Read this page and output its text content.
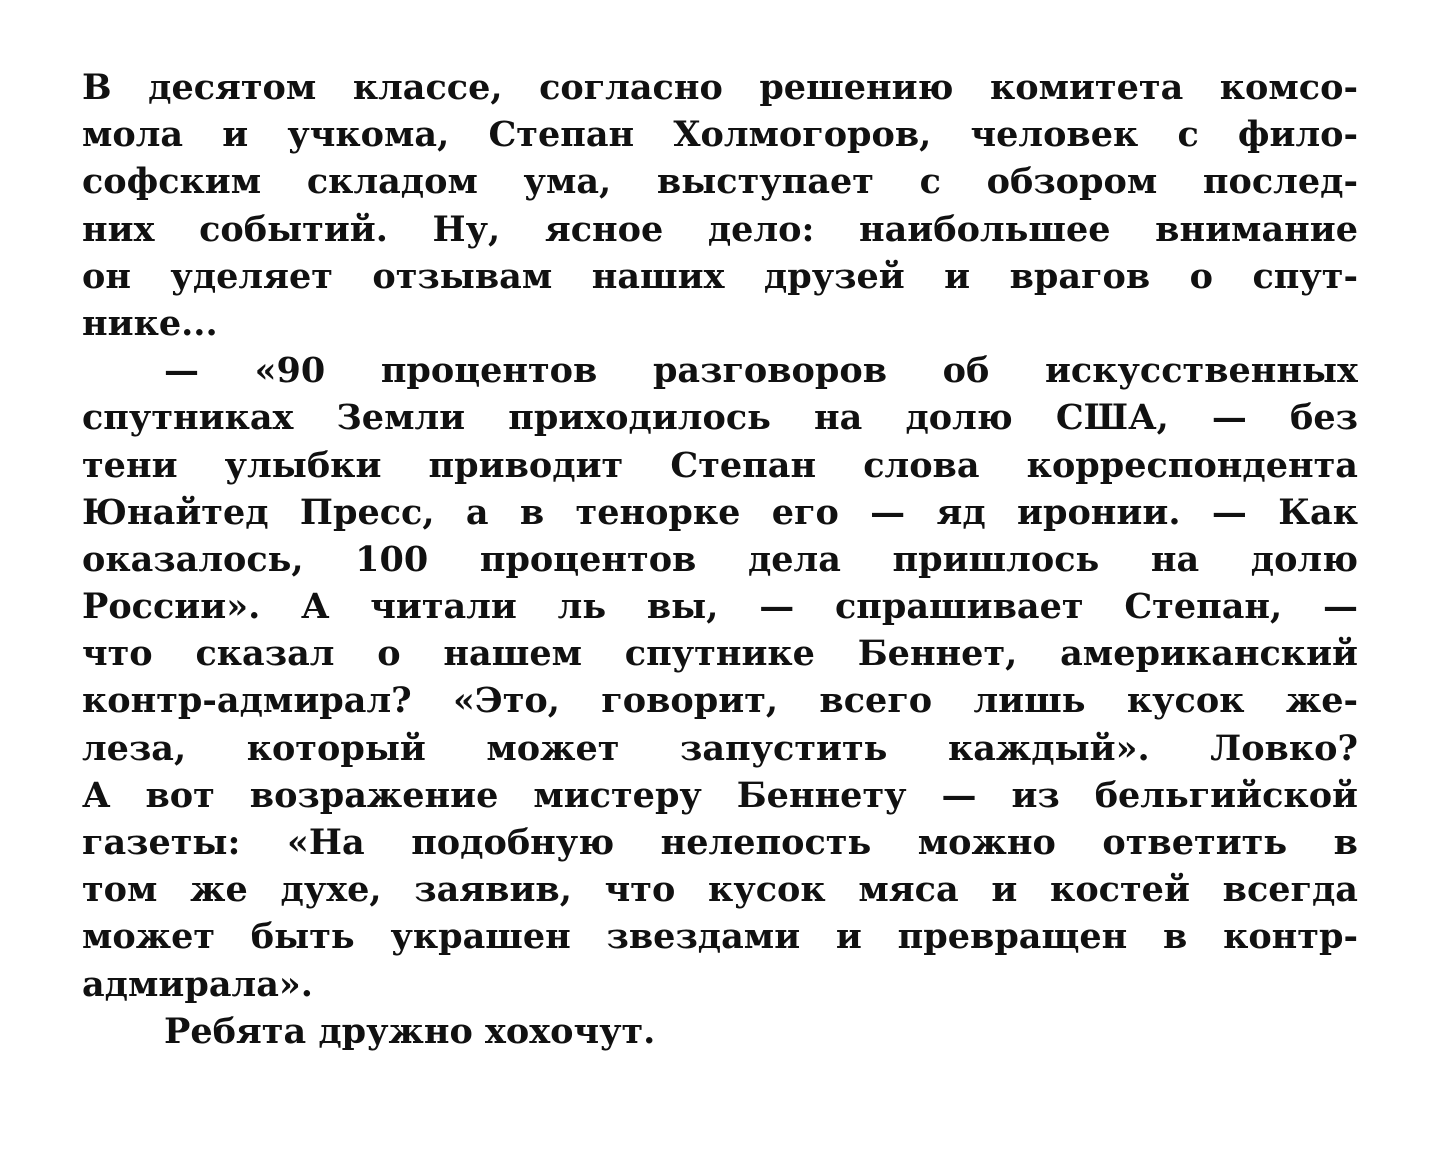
В десятом классе, согласно решению комитета комсо-
мола и учкома, Степан Холмогоров, человек с фило-
софским складом ума, выступает с обзором послед-
них событий. Ну, ясное дело: наибольшее внимание
он уделяет отзывам наших друзей и врагов о спут-
нике...
— «90 процентов разговоров об искусственных
спутниках Земли приходилось на долю США, — без
тени улыбки приводит Степан слова корреспондента
Юнайтед Пресс, а в тенорке его — яд иронии. — Как
оказалось, 100 процентов дела пришлось на долю
России». А читали ль вы, — спрашивает Степан, —
что сказал о нашем спутнике Беннет, американский
контр-адмирал? «Это, говорит, всего лишь кусок же-
леза, который может запустить каждый». Ловко?
А вот возражение мистеру Беннету — из бельгийской
газеты: «На подобную нелепость можно ответить в
том же духе, заявив, что кусок мяса и костей всегда
может быть украшен звездами и превращен в контр-
адмирала».
Ребята дружно хохочут.
